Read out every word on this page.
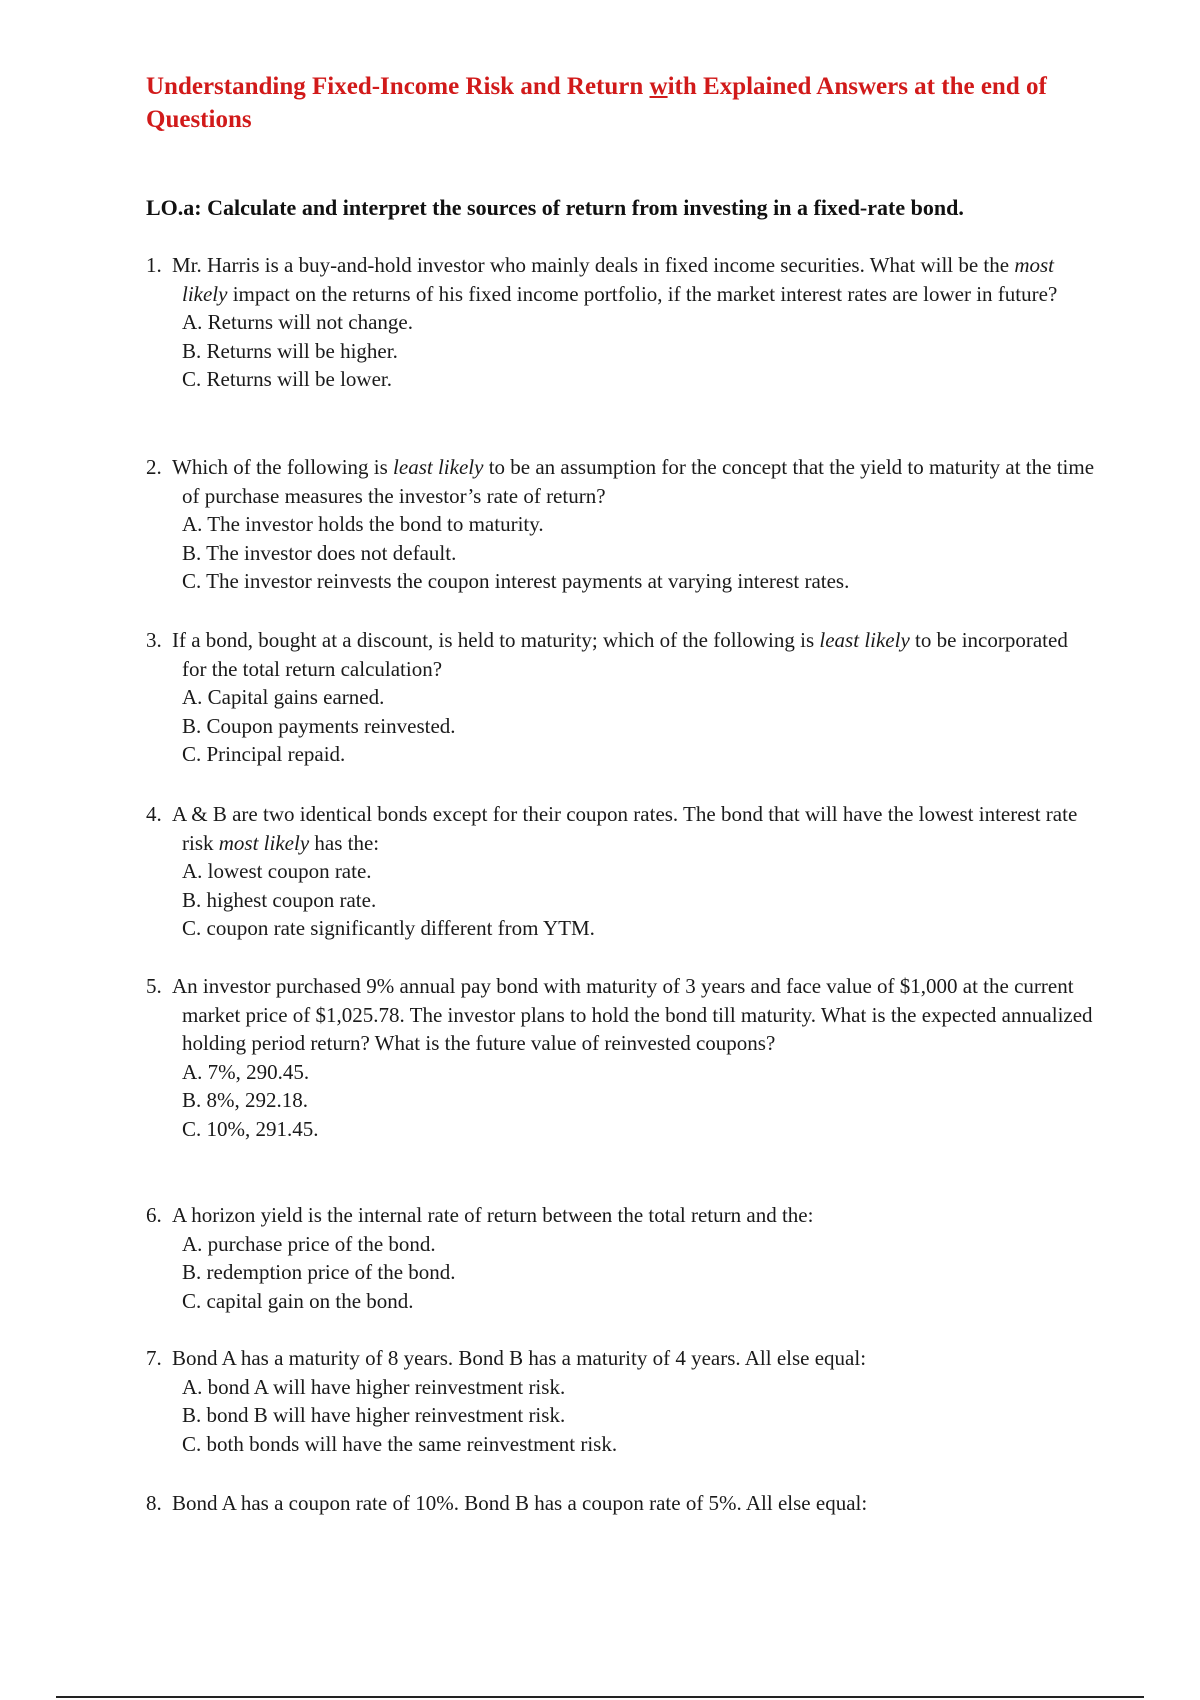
Understanding Fixed-Income Risk and Return with Explained Answers at the end of Questions
LO.a: Calculate and interpret the sources of return from investing in a fixed-rate bond.
1. Mr. Harris is a buy-and-hold investor who mainly deals in fixed income securities. What will be the most likely impact on the returns of his fixed income portfolio, if the market interest rates are lower in future?
A. Returns will not change.
B. Returns will be higher.
C. Returns will be lower.
2. Which of the following is least likely to be an assumption for the concept that the yield to maturity at the time of purchase measures the investor’s rate of return?
A. The investor holds the bond to maturity.
B. The investor does not default.
C. The investor reinvests the coupon interest payments at varying interest rates.
3. If a bond, bought at a discount, is held to maturity; which of the following is least likely to be incorporated for the total return calculation?
A. Capital gains earned.
B. Coupon payments reinvested.
C. Principal repaid.
4. A & B are two identical bonds except for their coupon rates. The bond that will have the lowest interest rate risk most likely has the:
A. lowest coupon rate.
B. highest coupon rate.
C. coupon rate significantly different from YTM.
5. An investor purchased 9% annual pay bond with maturity of 3 years and face value of $1,000 at the current market price of $1,025.78. The investor plans to hold the bond till maturity. What is the expected annualized holding period return? What is the future value of reinvested coupons?
A. 7%, 290.45.
B. 8%, 292.18.
C. 10%, 291.45.
6. A horizon yield is the internal rate of return between the total return and the:
A. purchase price of the bond.
B. redemption price of the bond.
C. capital gain on the bond.
7. Bond A has a maturity of 8 years. Bond B has a maturity of 4 years. All else equal:
A. bond A will have higher reinvestment risk.
B. bond B will have higher reinvestment risk.
C. both bonds will have the same reinvestment risk.
8. Bond A has a coupon rate of 10%. Bond B has a coupon rate of 5%. All else equal:
